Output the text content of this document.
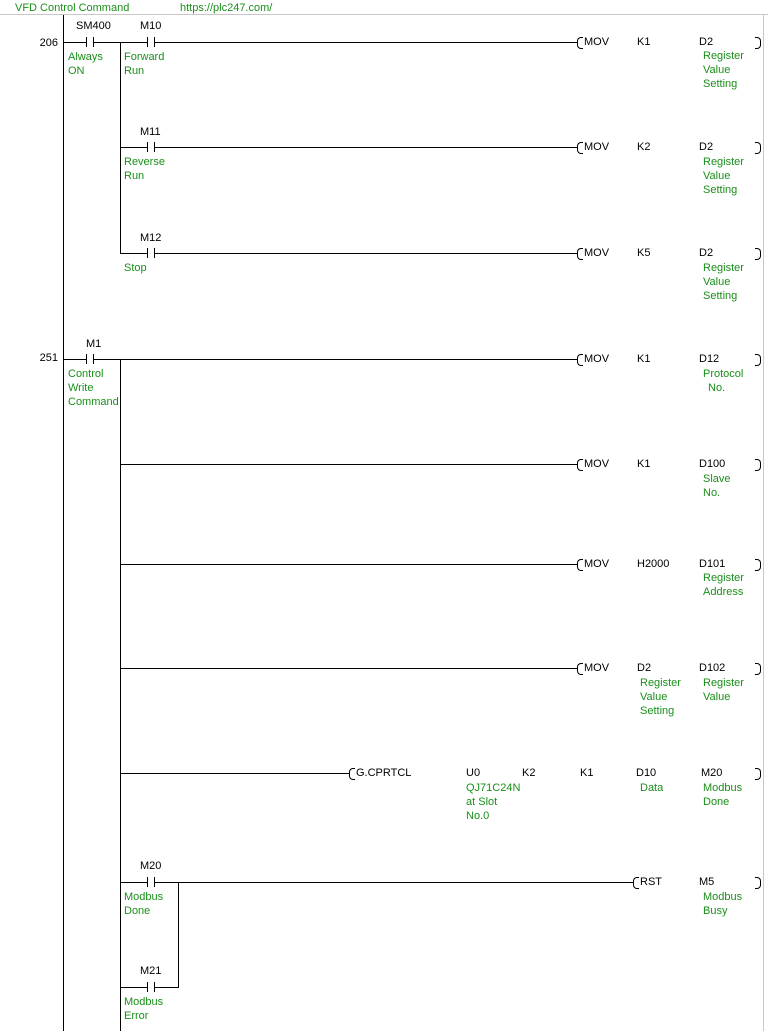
VFD Control Command	https://plc247.com/
206
SM400
Always
ON
M10
Forward
Run
MOV	K1	D2
Register
Value
Setting
M11
Reverse
Run
MOV	K2	D2
Register
Value
Setting
M12
Stop
MOV	K5	D2
Register
Value
Setting
251
M1
Control
Write
Command
MOV	K1	D12
Protocol
No.
MOV	K1	D100
Slave
No.
MOV	H2000	D101
Register
Address
MOV	D2
Register
Value
Setting
D102
Register
Value
G.CPRTCL	U0
QJ71C24N
at Slot
No.0
K2	K1	D10
Data
M20
Modbus
Done
M20
Modbus
Done
RST	M5
Modbus
Busy
M21
Modbus
Error
